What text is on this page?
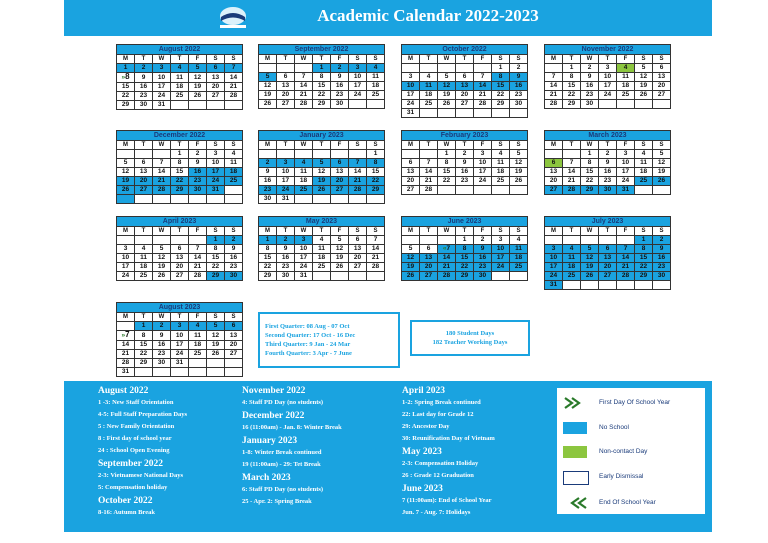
Academic Calendar 2022-2023
August 2022
M	T	W	T	F	S	S
1	2	3	4	5	6	7
»8	9	10	11	12	13	14
15	16	17	18	19	20	21
22	23	24	25	26	27	28
29	30	31				
September 2022
M	T	W	T	F	S	S
			1	2	3	4
5	6	7	8	9	10	11
12	13	14	15	16	17	18
19	20	21	22	23	24	25
26	27	28	29	30		
October 2022
M	T	W	T	F	S	S
					1	2
3	4	5	6	7	8	9
10	11	12	13	14	15	16
17	18	19	20	21	22	23
24	25	26	27	28	29	30
31						
November 2022
M	T	W	T	F	S	S
	1	2	3	4	5	6
7	8	9	10	11	12	13
14	15	16	17	18	19	20
21	22	23	24	25	26	27
28	29	30				
December 2022
M	T	W	T	F	S	S
			1	2	3	4
5	6	7	8	9	10	11
12	13	14	15	16	17	18
19	20	21	22	23	24	25
26	27	28	29	30	31	

January 2023
M	T	W	T	F	S	S
						1
2	3	4	5	6	7	8
9	10	11	12	13	14	15
16	17	18	19	20	21	22
23	24	25	26	27	28	29
30	31					
February 2023
M	T	W	T	F	S	S
		1	2	3	4	5
6	7	8	9	10	11	12
13	14	15	16	17	18	19
20	21	22	23	24	25	26
27	28					
March 2023
M	T	W	T	F	S	S
		1	2	3	4	5
6	7	8	9	10	11	12
13	14	15	16	17	18	19
20	21	22	23	24	25	26
27	28	29	30	31		
April 2023
M	T	W	T	F	S	S
					1	2
3	4	5	6	7	8	9
10	11	12	13	14	15	16
17	18	19	20	21	22	23
24	25	26	27	28	29	30
May 2023
M	T	W	T	F	S	S
1	2	3	4	5	6	7
8	9	10	11	12	13	14
15	16	17	18	19	20	21
22	23	24	25	26	27	28
29	30	31				
June 2023
M	T	W	T	F	S	S
			1	2	3	4
5	6	«7	8	9	10	11
12	13	14	15	16	17	18
19	20	21	22	23	24	25
26	27	28	29	30		
July 2023
M	T	W	T	F	S	S
					1	2
3	4	5	6	7	8	9
10	11	12	13	14	15	16
17	18	19	20	21	22	23
24	25	26	27	28	29	30
31						
August 2023
M	T	W	T	F	S	S
	1	2	3	4	5	6
»7	8	9	10	11	12	13
14	15	16	17	18	19	20
21	22	23	24	25	26	27
28	29	30	31			
31						
First Quarter: 08 Aug - 07 Oct
Second Quarter: 17 Oct - 16 Dec
Third Quarter: 9 Jan - 24 Mar
Fourth Quarter: 3 Apr - 7 June
180 Student Days
182 Teacher Working Days
August 2022
1 -3: New Staff Orientation
4-5: Full Staff Preparation Days
5 : New Family Orientation
8 : First day of school year
24 : School Open Evening
September 2022
2-3: Vietnamese National Days
5: Compensation holiday
October 2022
8-16: Autumn Break
November 2022
4: Staff PD Day (no students)
December 2022
16 (11:00am) - Jan. 8: Winter Break
January 2023
1-8: Winter Break continued
19 (11:00am) - 29: Tet Break
March 2023
6: Staff PD Day (no students)
25 - Apr. 2: Spring Break
April 2023
1-2: Spring Break continued
22: Last day for Grade 12
29: Ancestor Day
30: Reunification Day of Vietnam
May 2023
2-3: Compensation Holiday
26 : Grade 12 Graduation
June 2023
7 (11:00am): End of School Year
Jun. 7 - Aug. 7: Holidays
First Day Of School Year
No School
Non-contact Day
Early Dismissal
End Of School Year
